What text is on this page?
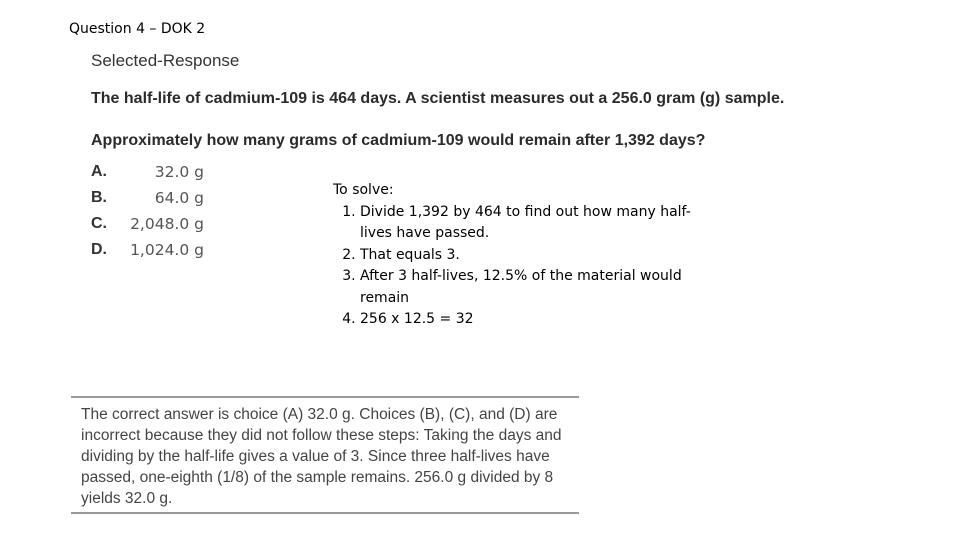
Question 4 – DOK 2
Selected-Response
The half-life of cadmium-109 is 464 days. A scientist measures out a 256.0 gram (g) sample.
Approximately how many grams of cadmium-109 would remain after 1,392 days?
A.	32.0 g
B.	64.0 g
C.	2,048.0 g
D.	1,024.0 g
To solve:
1. Divide 1,392 by 464 to find out how many half-lives have passed.
2. That equals 3.
3. After 3 half-lives, 12.5% of the material would remain
4. 256 x 12.5 = 32
The correct answer is choice (A) 32.0 g. Choices (B), (C), and (D) are incorrect because they did not follow these steps: Taking the days and dividing by the half-life gives a value of 3. Since three half-lives have passed, one-eighth (1/8) of the sample remains. 256.0 g divided by 8 yields 32.0 g.
